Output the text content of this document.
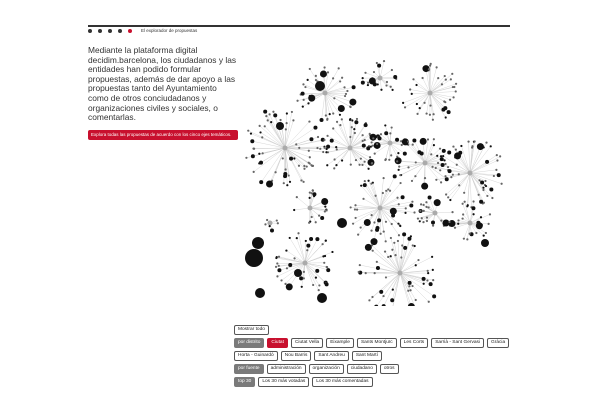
El explorador de propuestas

Mediante la plataforma digital decidim.barcelona, los ciudadanos y las entidades han podido formular propuestas, además de dar apoyo a las propuestas tanto del Ayuntamiento como de otros conciudadanos y organizaciones civiles y sociales, o comentarlas.

Explora todas las propuestas de acuerdo con los cinco ejes temáticos.
Mostrar todo
por distrito	Ciutat	Ciutat Vella	Eixample	Sants Montjuïc	Les Corts	Sarrià - Sant Gervasi	Gràcia
Horta - Guinardó	Nou Barris	Sant Andreu	Sant Martí
por fuente	administración	organización	ciudadano	otros
top 30	Los 30 más votadas	Los 30 más comentadas
